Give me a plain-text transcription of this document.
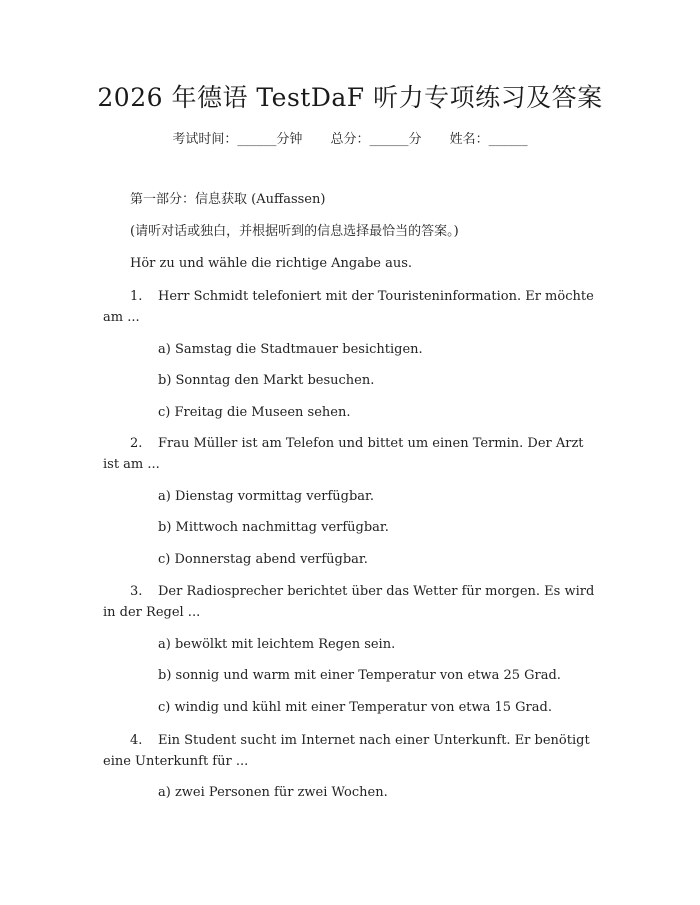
2026 年德语 TestDaF 听力专项练习及答案
考试时间：______分钟 总分：______分 姓名：______
第一部分：信息获取 (Auffassen)
(请听对话或独白，并根据听到的信息选择最恰当的答案。)
Hör zu und wähle die richtige Angabe aus.
1. Herr Schmidt telefoniert mit der Touristeninformation. Er möchte
am ...
a) Samstag die Stadtmauer besichtigen.
b) Sonntag den Markt besuchen.
c) Freitag die Museen sehen.
2. Frau Müller ist am Telefon und bittet um einen Termin. Der Arzt
ist am ...
a) Dienstag vormittag verfügbar.
b) Mittwoch nachmittag verfügbar.
c) Donnerstag abend verfügbar.
3. Der Radiosprecher berichtet über das Wetter für morgen. Es wird
in der Regel ...
a) bewölkt mit leichtem Regen sein.
b) sonnig und warm mit einer Temperatur von etwa 25 Grad.
c) windig und kühl mit einer Temperatur von etwa 15 Grad.
4. Ein Student sucht im Internet nach einer Unterkunft. Er benötigt
eine Unterkunft für ...
a) zwei Personen für zwei Wochen.
